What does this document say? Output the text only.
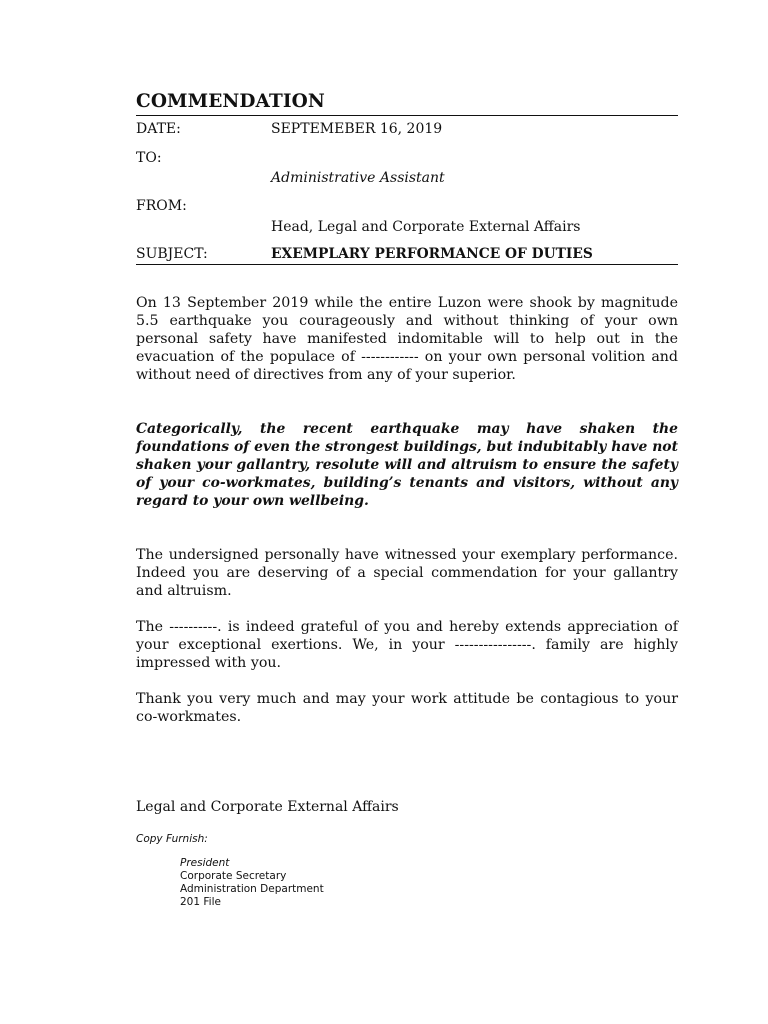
COMMENDATION
DATE:	SEPTEMEBER 16, 2019
TO:
Administrative Assistant
FROM:
Head, Legal and Corporate External Affairs
SUBJECT:	EXEMPLARY PERFORMANCE OF DUTIES

On 13 September 2019 while the entire Luzon were shook by magnitude 5.5 earthquake you courageously and without thinking of your own personal safety have manifested indomitable will to help out in the evacuation of the populace of ------------ on your own personal volition and without need of directives from any of your superior.

Categorically, the recent earthquake may have shaken the foundations of even the strongest buildings, but indubitably have not shaken your gallantry, resolute will and altruism to ensure the safety of your co-workmates, building’s tenants and visitors, without any regard to your own wellbeing.

The undersigned personally have witnessed your exemplary performance. Indeed you are deserving of a special commendation for your gallantry and altruism.

The ----------. is indeed grateful of you and hereby extends appreciation of your exceptional exertions. We, in your ----------------. family are highly impressed with you.

Thank you very much and may your work attitude be contagious to your co-workmates.

Legal and Corporate External Affairs
Copy Furnish:
President
Corporate Secretary
Administration Department
201 File
